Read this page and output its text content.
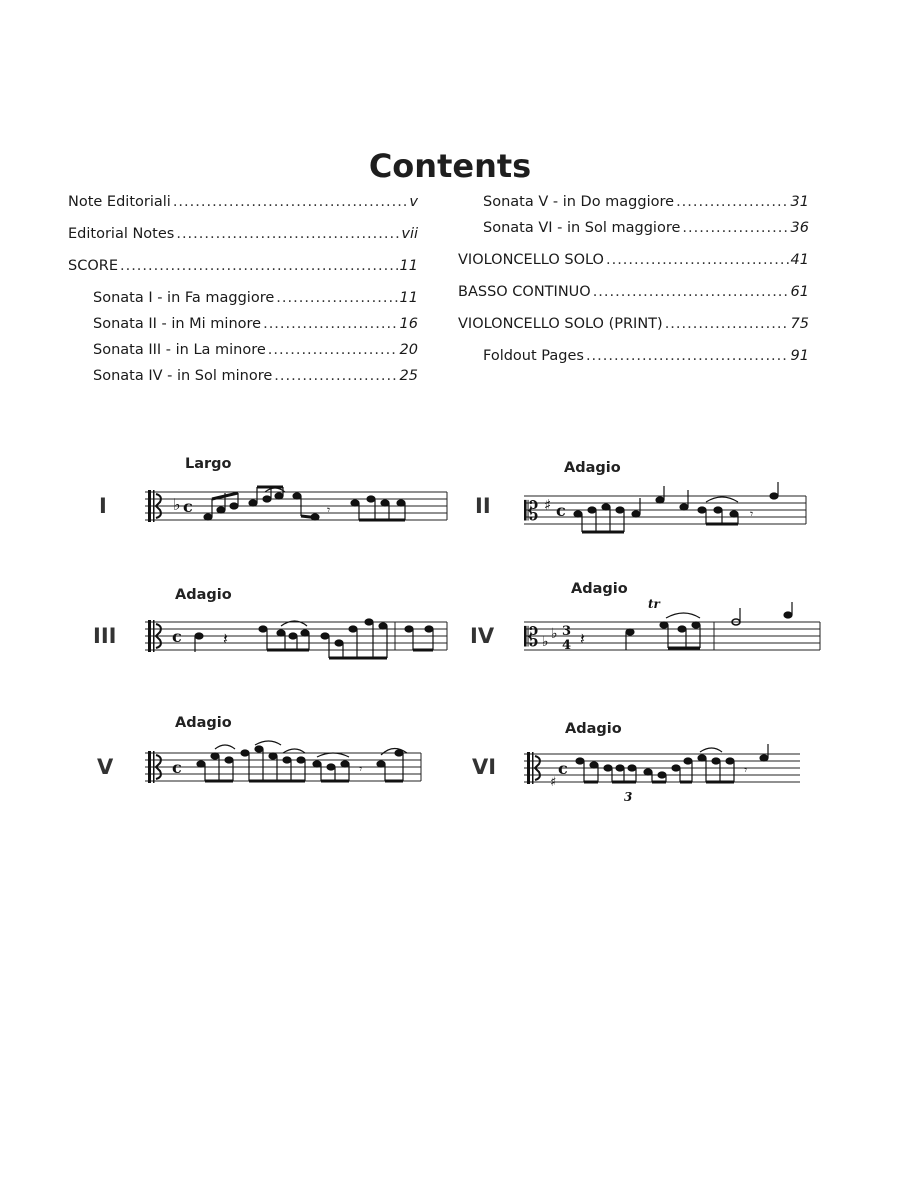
Contents
Note Editoriali .....	v
Editorial Notes .....	vii
SCORE .....	11
Sonata I - in Fa maggiore .....	11
Sonata II - in Mi minore .....	16
Sonata III - in La minore .....	20
Sonata IV - in Sol minore .....	25
Sonata V - in Do maggiore .....	31
Sonata VI - in Sol maggiore .....	36
VIOLONCELLO SOLO .....	41
BASSO CONTINUO .....	61
VIOLONCELLO SOLO (PRINT) .....	75
Foldout Pages .....	91
I
Largo
II
Adagio
III
Adagio
IV
Adagio
V
Adagio
VI
Adagio
♭ c	𝄾	𝄡 ♯ c	𝄾
c	𝄽	𝄡 ♭ ♭ 3
4
tr
𝄽
c	𝄾
♯
c
3
𝄾
